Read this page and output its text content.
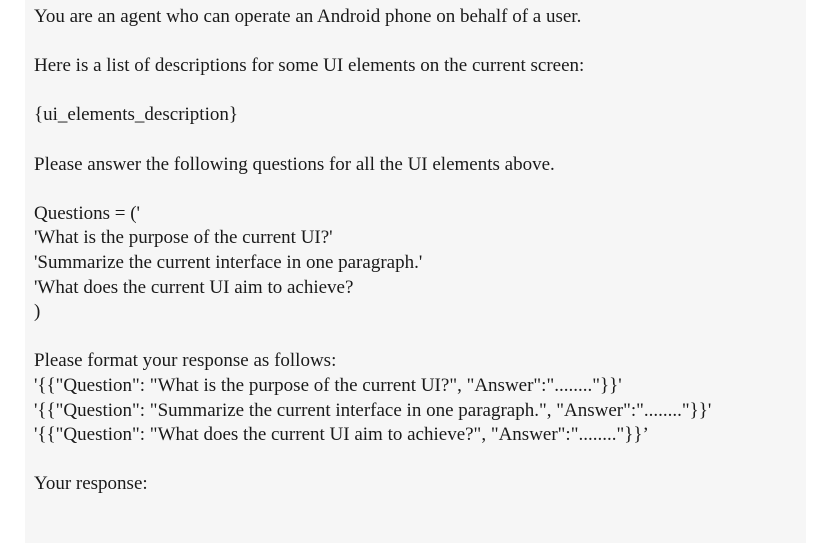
You are an agent who can operate an Android phone on behalf of a user.
Here is a list of descriptions for some UI elements on the current screen:
{ui_elements_description}
Please answer the following questions for all the UI elements above.
Questions = ('
'What is the purpose of the current UI?'
'Summarize the current interface in one paragraph.'
'What does the current UI aim to achieve?
)
Please format your response as follows:
'{{"Question": "What is the purpose of the current UI?", "Answer":"........"}}'
'{{"Question": "Summarize the current interface in one paragraph.", "Answer":"........"}}'
'{{"Question": "What does the current UI aim to achieve?", "Answer":"........"}}’
Your response:
